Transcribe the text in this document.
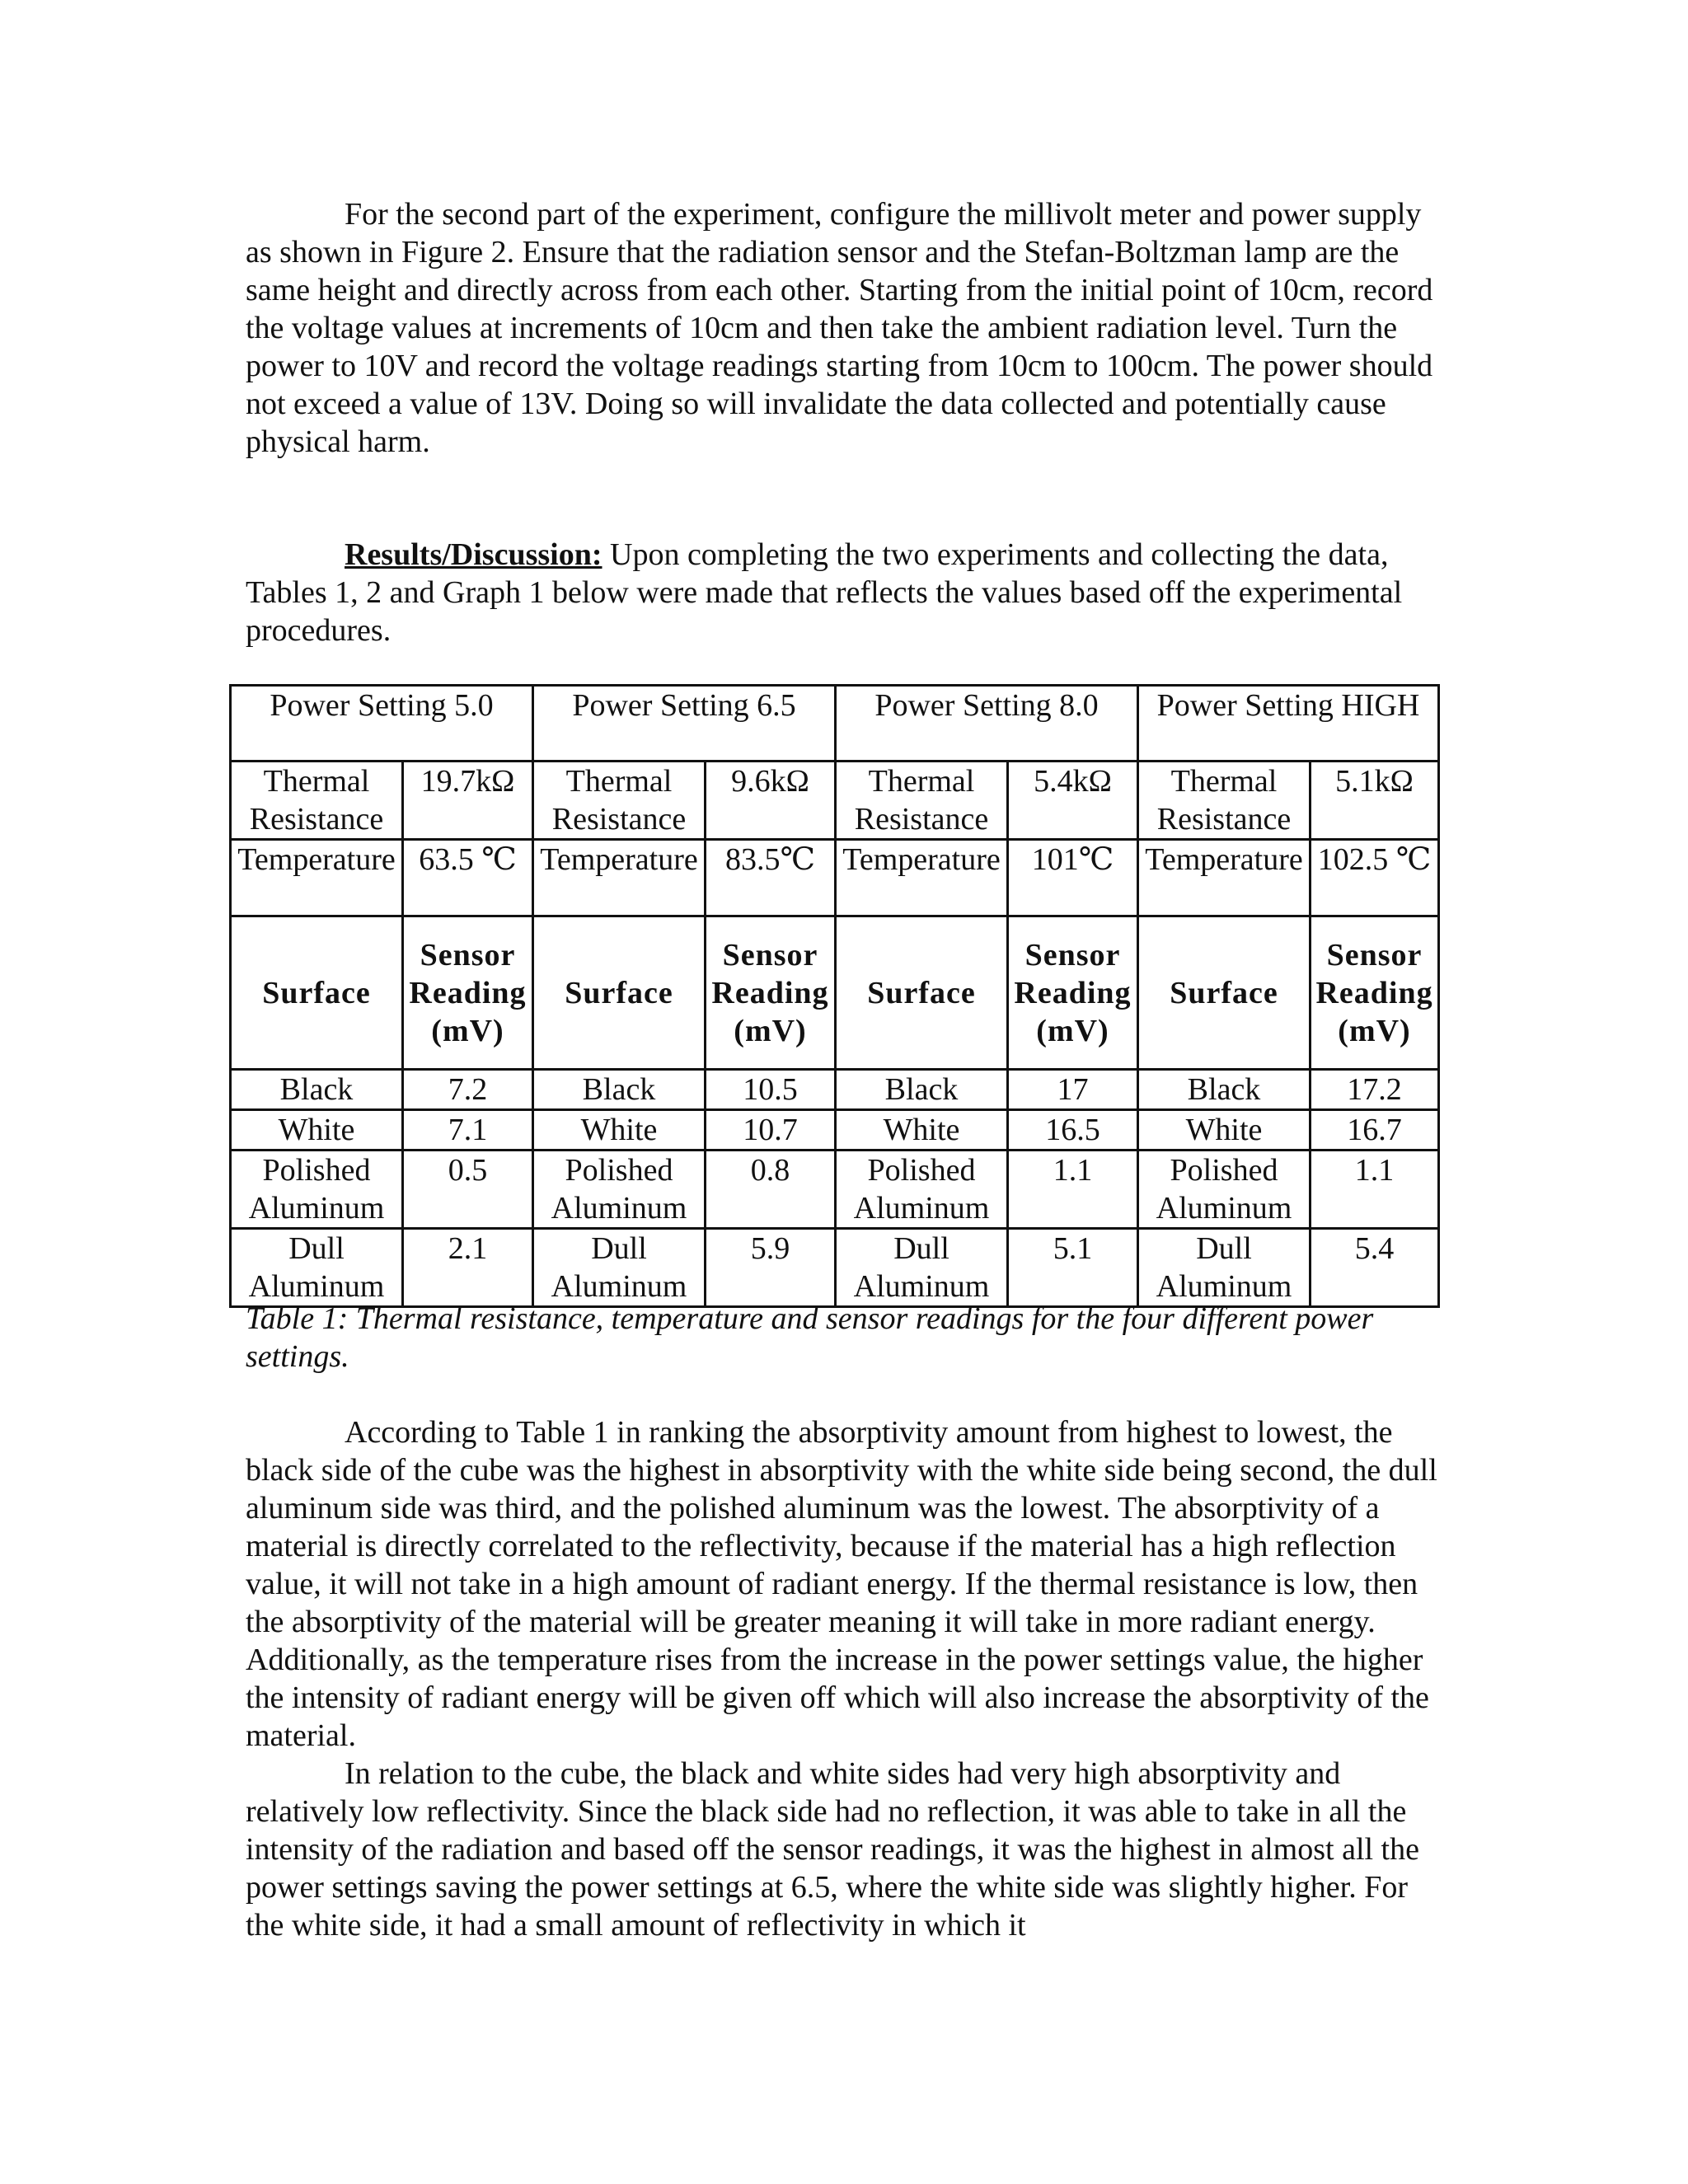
For the second part of the experiment, configure the millivolt meter and power supply as shown in Figure 2. Ensure that the radiation sensor and the Stefan-Boltzman lamp are the same height and directly across from each other. Starting from the initial point of 10cm, record the voltage values at increments of 10cm and then take the ambient radiation level. Turn the power to 10V and record the voltage readings starting from 10cm to 100cm. The power should not exceed a value of 13V. Doing so will invalidate the data collected and potentially cause physical harm.

Results/Discussion: Upon completing the two experiments and collecting the data, Tables 1, 2 and Graph 1 below were made that reflects the values based off the experimental procedures.

Power Setting 5.0		Power Setting 6.5		Power Setting 8.0		Power Setting HIGH	
Thermal Resistance	19.7kΩ	Thermal Resistance	9.6kΩ	Thermal Resistance	5.4kΩ	Thermal Resistance	5.1kΩ
Temperature	63.5 ℃	Temperature	83.5℃	Temperature	101℃	Temperature	102.5 ℃
Surface	Sensor Reading (mV)	Surface	Sensor Reading (mV)	Surface	Sensor Reading (mV)	Surface	Sensor Reading (mV)
Black	7.2	Black	10.5	Black	17	Black	17.2
White	7.1	White	10.7	White	16.5	White	16.7
Polished Aluminum	0.5	Polished Aluminum	0.8	Polished Aluminum	1.1	Polished Aluminum	1.1
Dull Aluminum	2.1	Dull Aluminum	5.9	Dull Aluminum	5.1	Dull Aluminum	5.4
Table 1: Thermal resistance, temperature and sensor readings for the four different power settings.

According to Table 1 in ranking the absorptivity amount from highest to lowest, the black side of the cube was the highest in absorptivity with the white side being second, the dull aluminum side was third, and the polished aluminum was the lowest. The absorptivity of a material is directly correlated to the reflectivity, because if the material has a high reflection value, it will not take in a high amount of radiant energy. If the thermal resistance is low, then the absorptivity of the material will be greater meaning it will take in more radiant energy. Additionally, as the temperature rises from the increase in the power settings value, the higher the intensity of radiant energy will be given off which will also increase the absorptivity of the material.

In relation to the cube, the black and white sides had very high absorptivity and relatively low reflectivity. Since the black side had no reflection, it was able to take in all the intensity of the radiation and based off the sensor readings, it was the highest in almost all the power settings saving the power settings at 6.5, where the white side was slightly higher. For the white side, it had a small amount of reflectivity in which it
